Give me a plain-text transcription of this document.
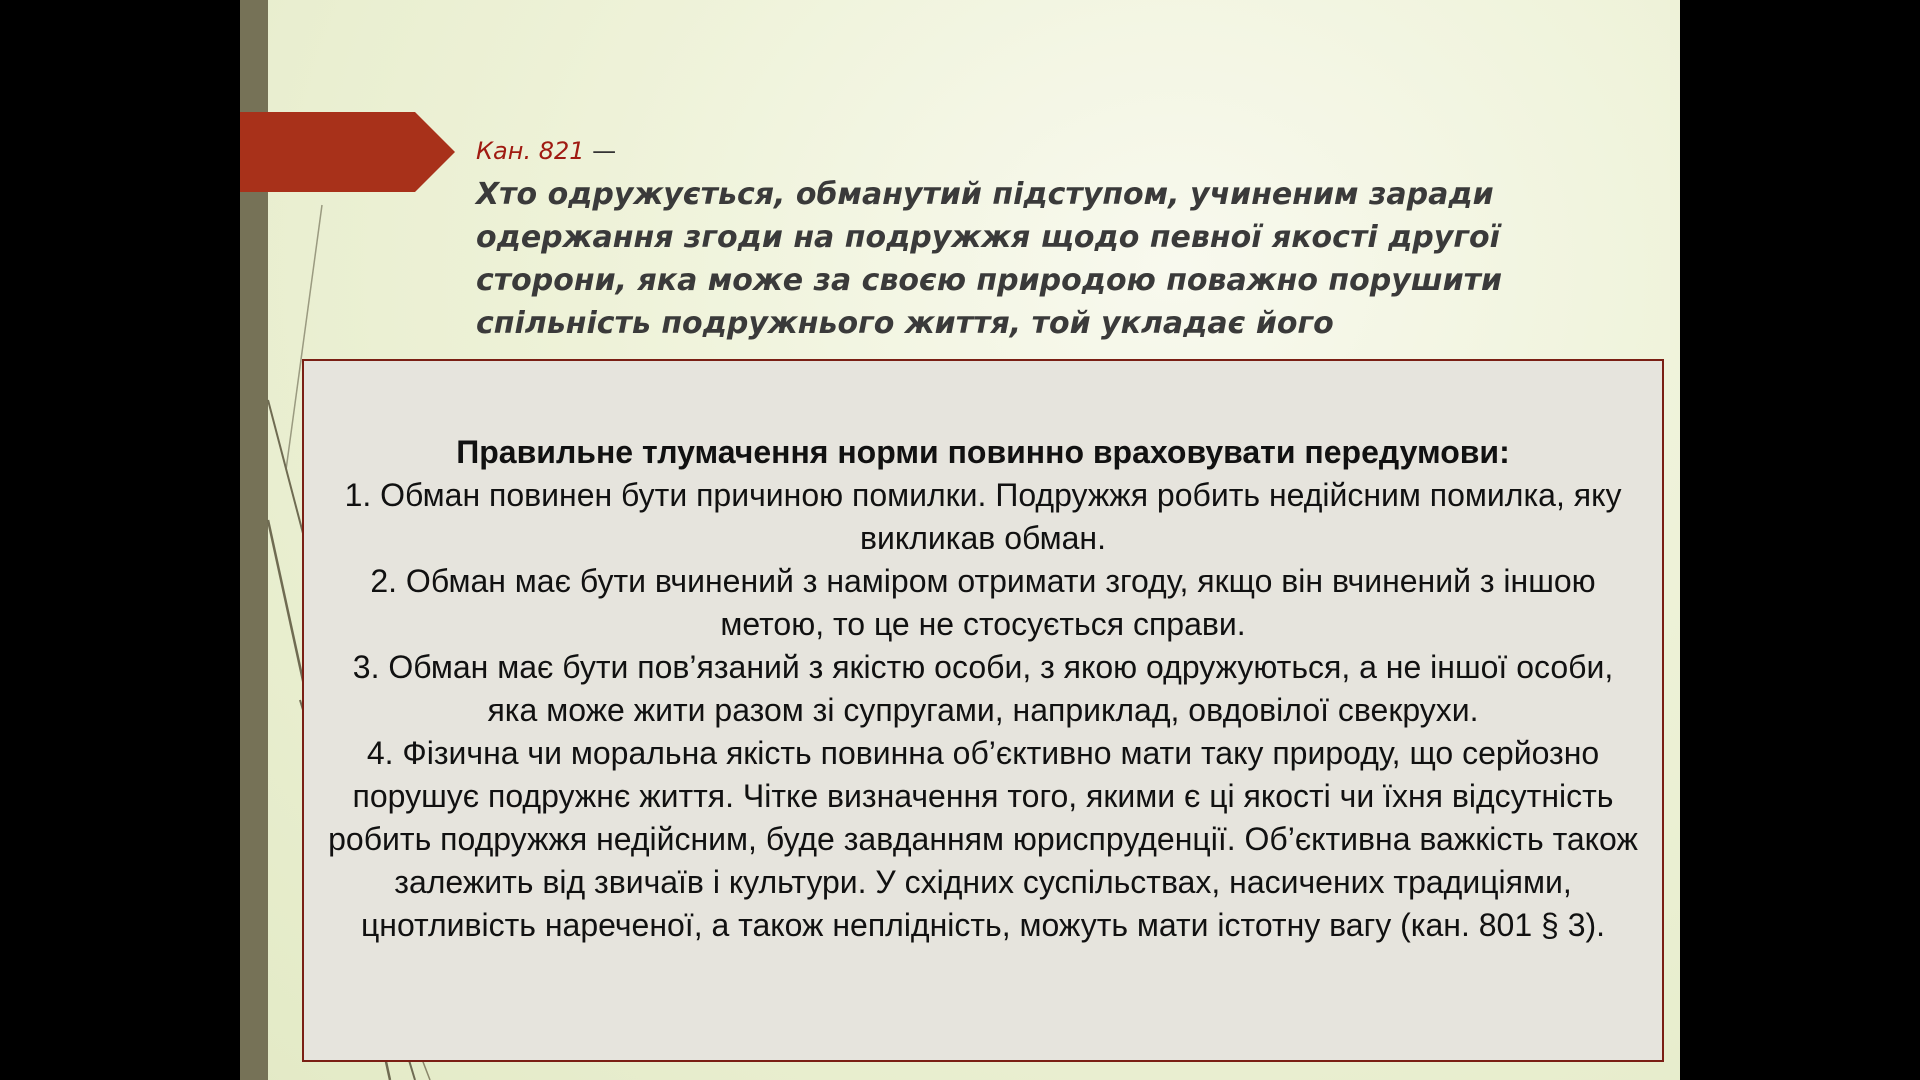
Кан. 821 —

Хто одружується, обманутий підступом, учиненим заради одержання згоди на подружжя щодо певної якості другої сторони, яка може за своєю природою поважно порушити спільність подружнього життя, той укладає його

Правильне тлумачення норми повинно враховувати передумови:

1. Обман повинен бути причиною помилки. Подружжя робить недійсним помилка, яку викликав обман.

2. Обман має бути вчинений з наміром отримати згоду, якщо він вчинений з іншою метою, то це не стосується справи.

3. Обман має бути пов’язаний з якістю особи, з якою одружуються, а не іншої особи, яка може жити разом зі супругами, наприклад, овдовілої свекрухи.

4. Фізична чи моральна якість повинна об’єктивно мати таку природу, що серйозно порушує подружнє життя. Чітке визначення того, якими є ці якості чи їхня відсутність робить подружжя недійсним, буде завданням юриспруденції. Об’єктивна важкість також залежить від звичаїв і культури. У східних суспільствах, насичених традиціями, цнотливість нареченої, а також неплідність, можуть мати істотну вагу (кан. 801 § 3).
